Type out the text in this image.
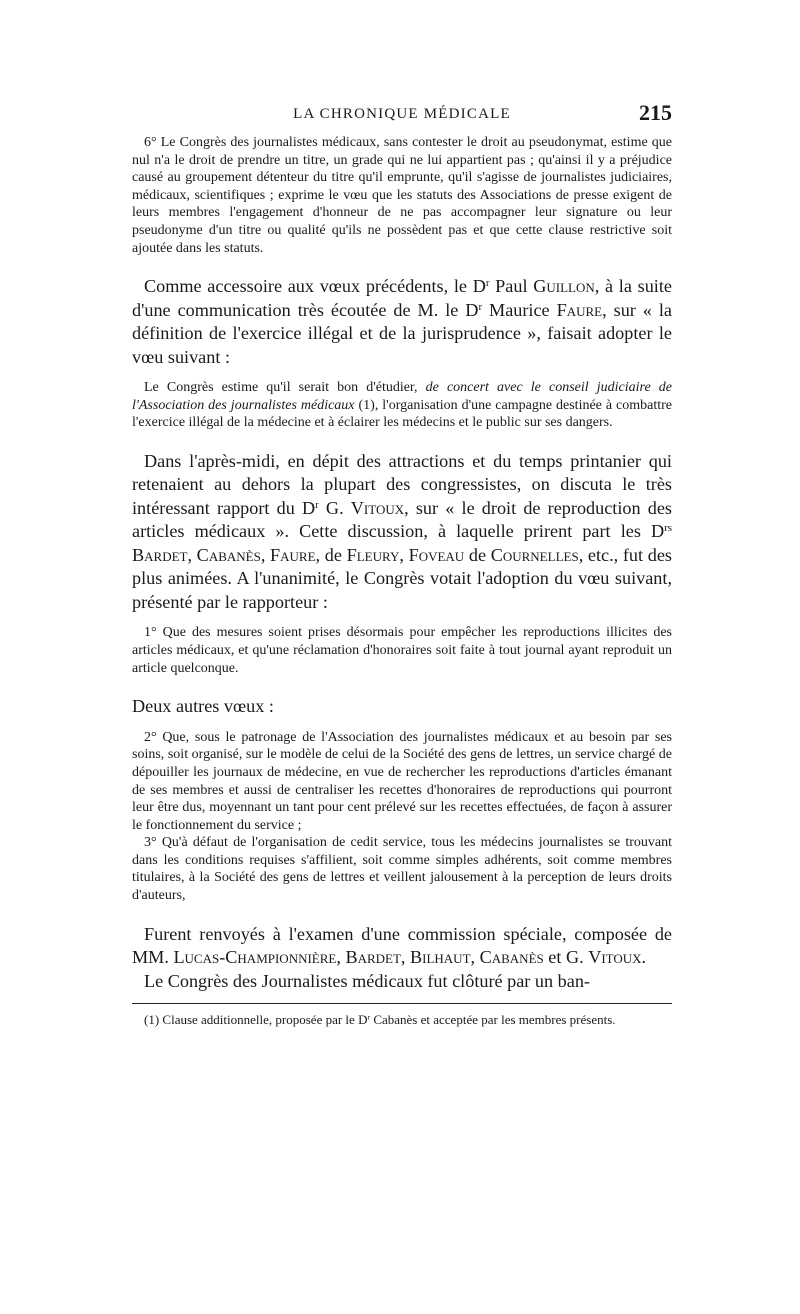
LA CHRONIQUE MÉDICALE	215

6° Le Congrès des journalistes médicaux, sans contester le droit au pseudonymat, estime que nul n'a le droit de prendre un titre, un grade qui ne lui appartient pas ; qu'ainsi il y a préjudice causé au groupement détenteur du titre qu'il emprunte, qu'il s'agisse de journalistes judiciaires, médicaux, scientifiques ; exprime le vœu que les statuts des Associations de presse exigent de leurs membres l'engagement d'honneur de ne pas accompagner leur signature ou leur pseudonyme d'un titre ou qualité qu'ils ne possèdent pas et que cette clause restrictive soit ajoutée dans les statuts.

Comme accessoire aux vœux précédents, le $D^r$ Paul Guillon, à la suite d'une communication très écoutée de M. le $D^r$ Maurice Faure, sur « la définition de l'exercice illégal et de la jurisprudence », faisait adopter le vœu suivant :

Le Congrès estime qu'il serait bon d'étudier, de concert avec le conseil judiciaire de l'Association des journalistes médicaux (1), l'organisation d'une campagne destinée à combattre l'exercice illégal de la médecine et à éclairer les médecins et le public sur ses dangers.

Dans l'après-midi, en dépit des attractions et du temps printanier qui retenaient au dehors la plupart des congressistes, on discuta le très intéressant rapport du $D^r$ G. Vitoux, sur « le droit de reproduction des articles médicaux ». Cette discussion, à laquelle prirent part les $D^{rs}$ Bardet, Cabanès, Faure, de Fleury, Foveau de Cournelles, etc., fut des plus animées. A l'unanimité, le Congrès votait l'adoption du vœu suivant, présenté par le rapporteur :

1° Que des mesures soient prises désormais pour empêcher les reproductions illicites des articles médicaux, et qu'une réclamation d'honoraires soit faite à tout journal ayant reproduit un article quelconque.

Deux autres vœux :

2° Que, sous le patronage de l'Association des journalistes médicaux et au besoin par ses soins, soit organisé, sur le modèle de celui de la Société des gens de lettres, un service chargé de dépouiller les journaux de médecine, en vue de rechercher les reproductions d'articles émanant de ses membres et aussi de centraliser les recettes d'honoraires de reproductions qui pourront leur être dus, moyennant un tant pour cent prélevé sur les recettes effectuées, de façon à assurer le fonctionnement du service ;

3° Qu'à défaut de l'organisation de cedit service, tous les médecins journalistes se trouvant dans les conditions requises s'affilient, soit comme simples adhérents, soit comme membres titulaires, à la Société des gens de lettres et veillent jalousement à la perception de leurs droits d'auteurs,

Furent renvoyés à l'examen d'une commission spéciale, composée de MM. Lucas-Championnière, Bardet, Bilhaut, Cabanès et G. Vitoux.

Le Congrès des Journalistes médicaux fut clôturé par un ban-

(1) Clause additionnelle, proposée par le $D^r$ Cabanès et acceptée par les membres présents.
